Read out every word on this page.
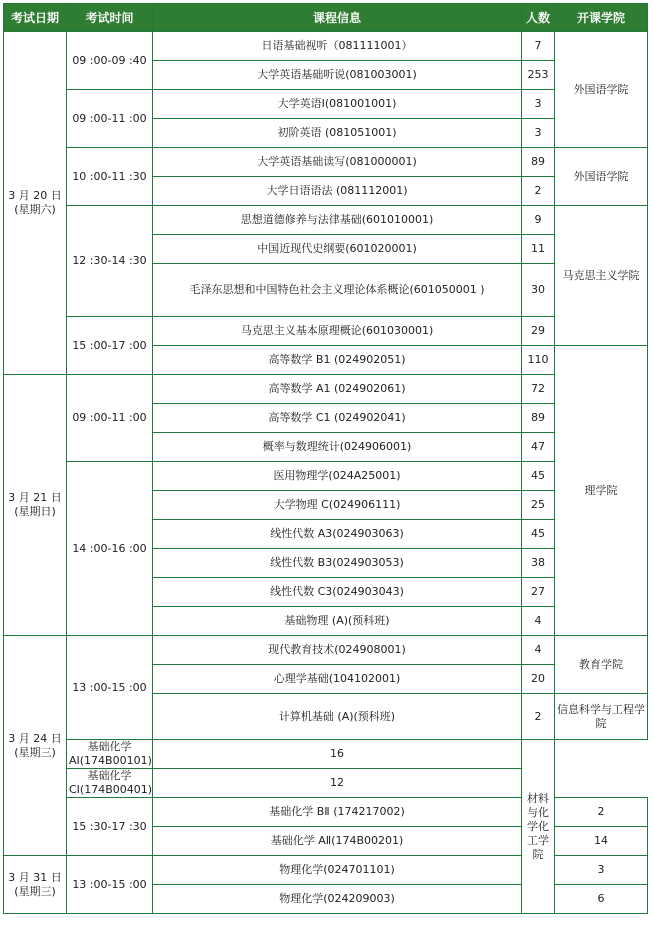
考试日期	考试时间	课程信息	人数	开课学院
3 月 20 日
(星期六)	09 :00-09 :40	日语基础视听（081111001）	7	外国语学院
		大学英语基础听说(081003001)	253	
	09 :00-11 :00	大学英语Ⅰ(081001001)	3	
		初阶英语 (081051001)	3	
	10 :00-11 :30	大学英语基础读写(081000001)	89	外国语学院
		大学日语语法 (081112001)	2	
	12 :30-14 :30	思想道德修养与法律基础(601010001)	9	马克思主义学院
		中国近现代史纲要(601020001)	11	
		毛泽东思想和中国特色社会主义理论体系概论(601050001 )	30	
	15 :00-17 :00	马克思主义基本原理概论(601030001)	29	
		高等数学 B1 (024902051)	110	理学院
3 月 21 日
(星期日)	09 :00-11 :00	高等数学 A1 (024902061)	72	
		高等数学 C1 (024902041)	89	
		概率与数理统计(024906001)	47	
	14 :00-16 :00	医用物理学(024A25001)	45	
		大学物理 C(024906111)	25	
		线性代数 A3(024903063)	45	
		线性代数 B3(024903053)	38	
		线性代数 C3(024903043)	27	
		基础物理 (A)(预科班)	4	
3 月 24 日
(星期三)	13 :00-15 :00	现代教育技术(024908001)	4	教育学院
		心理学基础(104102001)	20	
		计算机基础 (A)(预科班)	2	信息科学与工程学院
	基础化学 AⅠ(174B00101)	16	材料与化学化工学院	
	基础化学 CⅠ(174B00401)	12		
	15 :30-17 :30	基础化学 BⅡ (174217002)		2
		基础化学 AⅡ(174B00201)		14
3 月 31 日
(星期三)	13 :00-15 :00	物理化学(024701101)		3
		物理化学(024209003)		6
